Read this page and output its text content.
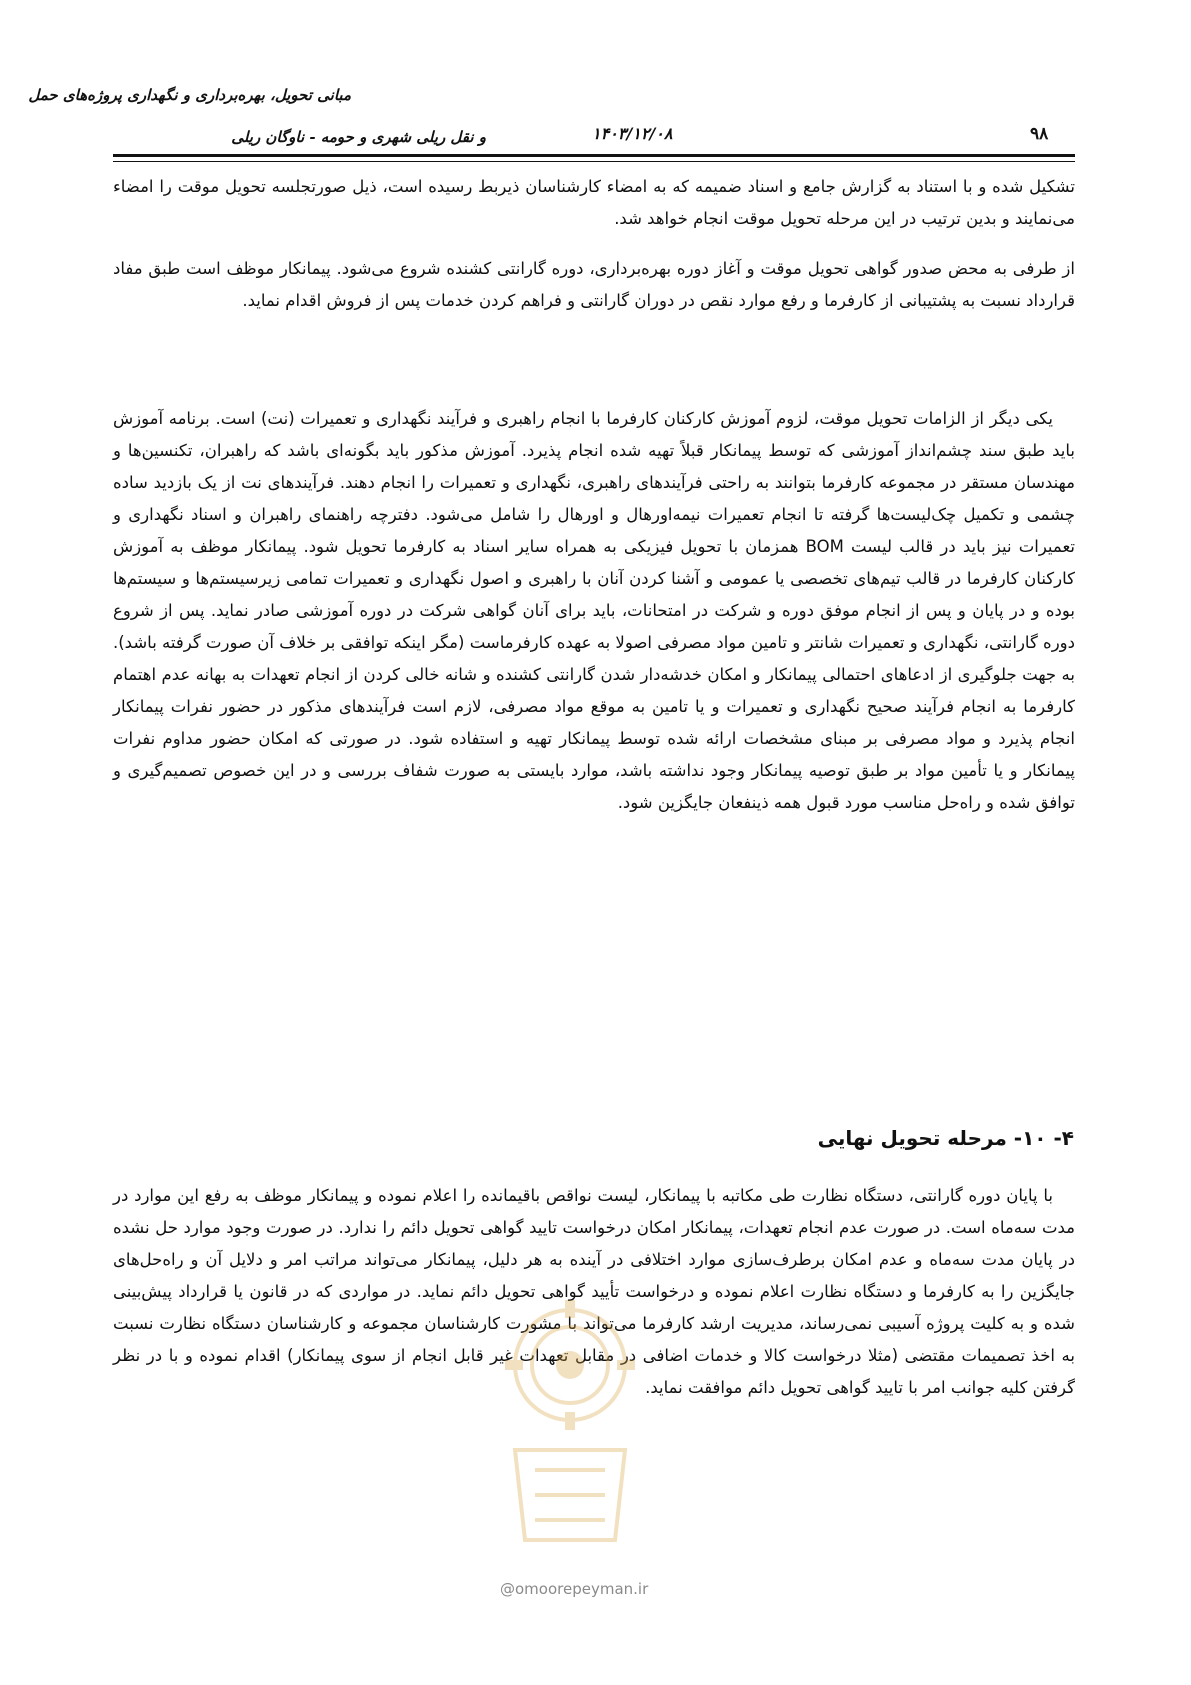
مبانی تحویل، بهره‌برداری و نگهداری پروژه‌های حمل
و نقل ریلی شهری و حومه - ناوگان ریلی	۱۴۰۳/۱۲/۰۸	۹۸

تشکیل شده و با استناد به گزارش جامع و اسناد ضمیمه که به امضاء کارشناسان ذیربط رسیده است، ذیل صورتجلسه تحویل موقت را امضاء می‌نمایند و بدین ترتیب در این مرحله تحویل موقت انجام خواهد شد.

از طرفی به محض صدور گواهی تحویل موقت و آغاز دوره بهره‌برداری، دوره گارانتی کشنده شروع می‌شود. پیمانکار موظف است طبق مفاد قرارداد نسبت به پشتیبانی از کارفرما و رفع موارد نقص در دوران گارانتی و فراهم کردن خدمات پس از فروش اقدام نماید.

یکی دیگر از الزامات تحویل موقت، لزوم آموزش کارکنان کارفرما با انجام راهبری و فرآیند نگهداری و تعمیرات (نت) است. برنامه آموزش باید طبق سند چشم‌انداز آموزشی که توسط پیمانکار قبلاً تهیه شده انجام پذیرد. آموزش مذکور باید بگونه‌ای باشد که راهبران، تکنسین‌ها و مهندسان مستقر در مجموعه کارفرما بتوانند به راحتی فرآیندهای راهبری، نگهداری و تعمیرات را انجام دهند. فرآیندهای نت از یک بازدید ساده چشمی و تکمیل چک‌لیست‌ها گرفته تا انجام تعمیرات نیمه‌اورهال و اورهال را شامل می‌شود. دفترچه راهنمای راهبران و اسناد نگهداری و تعمیرات نیز باید در قالب لیست BOM همزمان با تحویل فیزیکی به همراه سایر اسناد به کارفرما تحویل شود. پیمانکار موظف به آموزش کارکنان کارفرما در قالب تیم‌های تخصصی یا عمومی و آشنا کردن آنان با راهبری و اصول نگهداری و تعمیرات تمامی زیرسیستم‌ها و سیستم‌ها بوده و در پایان و پس از انجام موفق دوره و شرکت در امتحانات، باید برای آنان گواهی شرکت در دوره آموزشی صادر نماید. پس از شروع دوره گارانتی، نگهداری و تعمیرات شانتر و تامین مواد مصرفی اصولا به عهده کارفرماست (مگر اینکه توافقی بر خلاف آن صورت گرفته باشد). به جهت جلوگیری از ادعاهای احتمالی پیمانکار و امکان خدشه‌دار شدن گارانتی کشنده و شانه خالی کردن از انجام تعهدات به بهانه عدم اهتمام کارفرما به انجام فرآیند صحیح نگهداری و تعمیرات و یا تامین به موقع مواد مصرفی، لازم است فرآیندهای مذکور در حضور نفرات پیمانکار انجام پذیرد و مواد مصرفی بر مبنای مشخصات ارائه شده توسط پیمانکار تهیه و استفاده شود. در صورتی که امکان حضور مداوم نفرات پیمانکار و یا تأمین مواد بر طبق توصیه پیمانکار وجود نداشته باشد، موارد بایستی به صورت شفاف بررسی و در این خصوص تصمیم‌گیری و توافق شده و راه‌حل مناسب مورد قبول همه ذینفعان جایگزین شود.

۴- ۱۰- مرحله تحویل نهایی

با پایان دوره گارانتی، دستگاه نظارت طی مکاتبه با پیمانکار، لیست نواقص باقیمانده را اعلام نموده و پیمانکار موظف به رفع این موارد در مدت سه‌ماه است. در صورت عدم انجام تعهدات، پیمانکار امکان درخواست تایید گواهی تحویل دائم را ندارد. در صورت وجود موارد حل نشده در پایان مدت سه‌ماه و عدم امکان برطرف‌سازی موارد اختلافی در آینده به هر دلیل، پیمانکار می‌تواند مراتب امر و دلایل آن و راه‌حل‌های جایگزین را به کارفرما و دستگاه نظارت اعلام نموده و درخواست تأیید گواهی تحویل دائم نماید. در مواردی که در قانون یا قرارداد پیش‌بینی شده و به کلیت پروژه آسیبی نمی‌رساند، مدیریت ارشد کارفرما می‌تواند با مشورت کارشناسان مجموعه و کارشناسان دستگاه نظارت نسبت به اخذ تصمیمات مقتضی (مثلا درخواست کالا و خدمات اضافی در مقابل تعهدات غیر قابل انجام از سوی پیمانکار) اقدام نموده و با در نظر گرفتن کلیه جوانب امر با تایید گواهی تحویل دائم موافقت نماید.

@omoorepeyman.ir
